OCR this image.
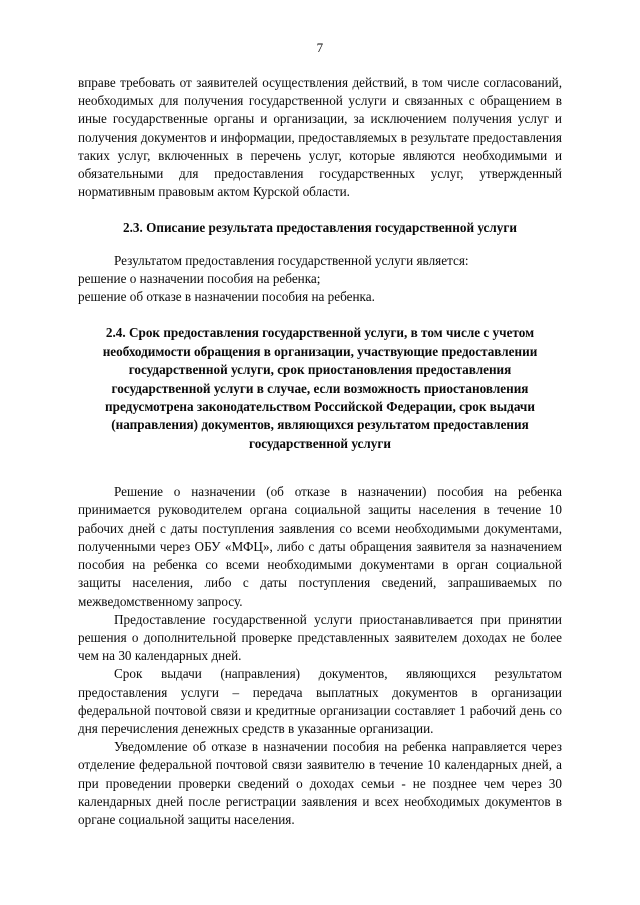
7

вправе требовать от заявителей осуществления действий, в том числе согласований, необходимых для получения государственной услуги и связанных с обращением в иные государственные органы и организации, за исключением получения услуг и получения документов и информации, предоставляемых в результате предоставления таких услуг, включенных в перечень услуг, которые являются необходимыми и обязательными для предоставления государственных услуг, утвержденный нормативным правовым актом Курской области.

2.3. Описание результата предоставления государственной услуги

Результатом предоставления государственной услуги является:

решение о назначении пособия на ребенка;

решение об отказе в назначении пособия на ребенка.

2.4. Срок предоставления государственной услуги, в том числе с учетом необходимости обращения в организации, участвующие предоставлении государственной услуги, срок приостановления предоставления государственной услуги в случае, если возможность приостановления предусмотрена законодательством Российской Федерации, срок выдачи (направления) документов, являющихся результатом предоставления государственной услуги

Решение о назначении (об отказе в назначении) пособия на ребенка принимается руководителем органа социальной защиты населения в течение 10 рабочих дней с даты поступления заявления со всеми необходимыми документами, полученными через ОБУ «МФЦ», либо с даты обращения заявителя за назначением пособия на ребенка со всеми необходимыми документами в орган социальной защиты населения, либо с даты поступления сведений, запрашиваемых по межведомственному запросу.

Предоставление государственной услуги приостанавливается при принятии решения о дополнительной проверке представленных заявителем доходах не более чем на 30 календарных дней.

Срок выдачи (направления) документов, являющихся результатом предоставления услуги – передача выплатных документов в организации федеральной почтовой связи и кредитные организации составляет 1 рабочий день со дня перечисления денежных средств в указанные организации.

Уведомление об отказе в назначении пособия на ребенка направляется через отделение федеральной почтовой связи заявителю в течение 10 календарных дней, а при проведении проверки сведений о доходах семьи - не позднее чем через 30 календарных дней после регистрации заявления и всех необходимых документов в органе социальной защиты населения.
